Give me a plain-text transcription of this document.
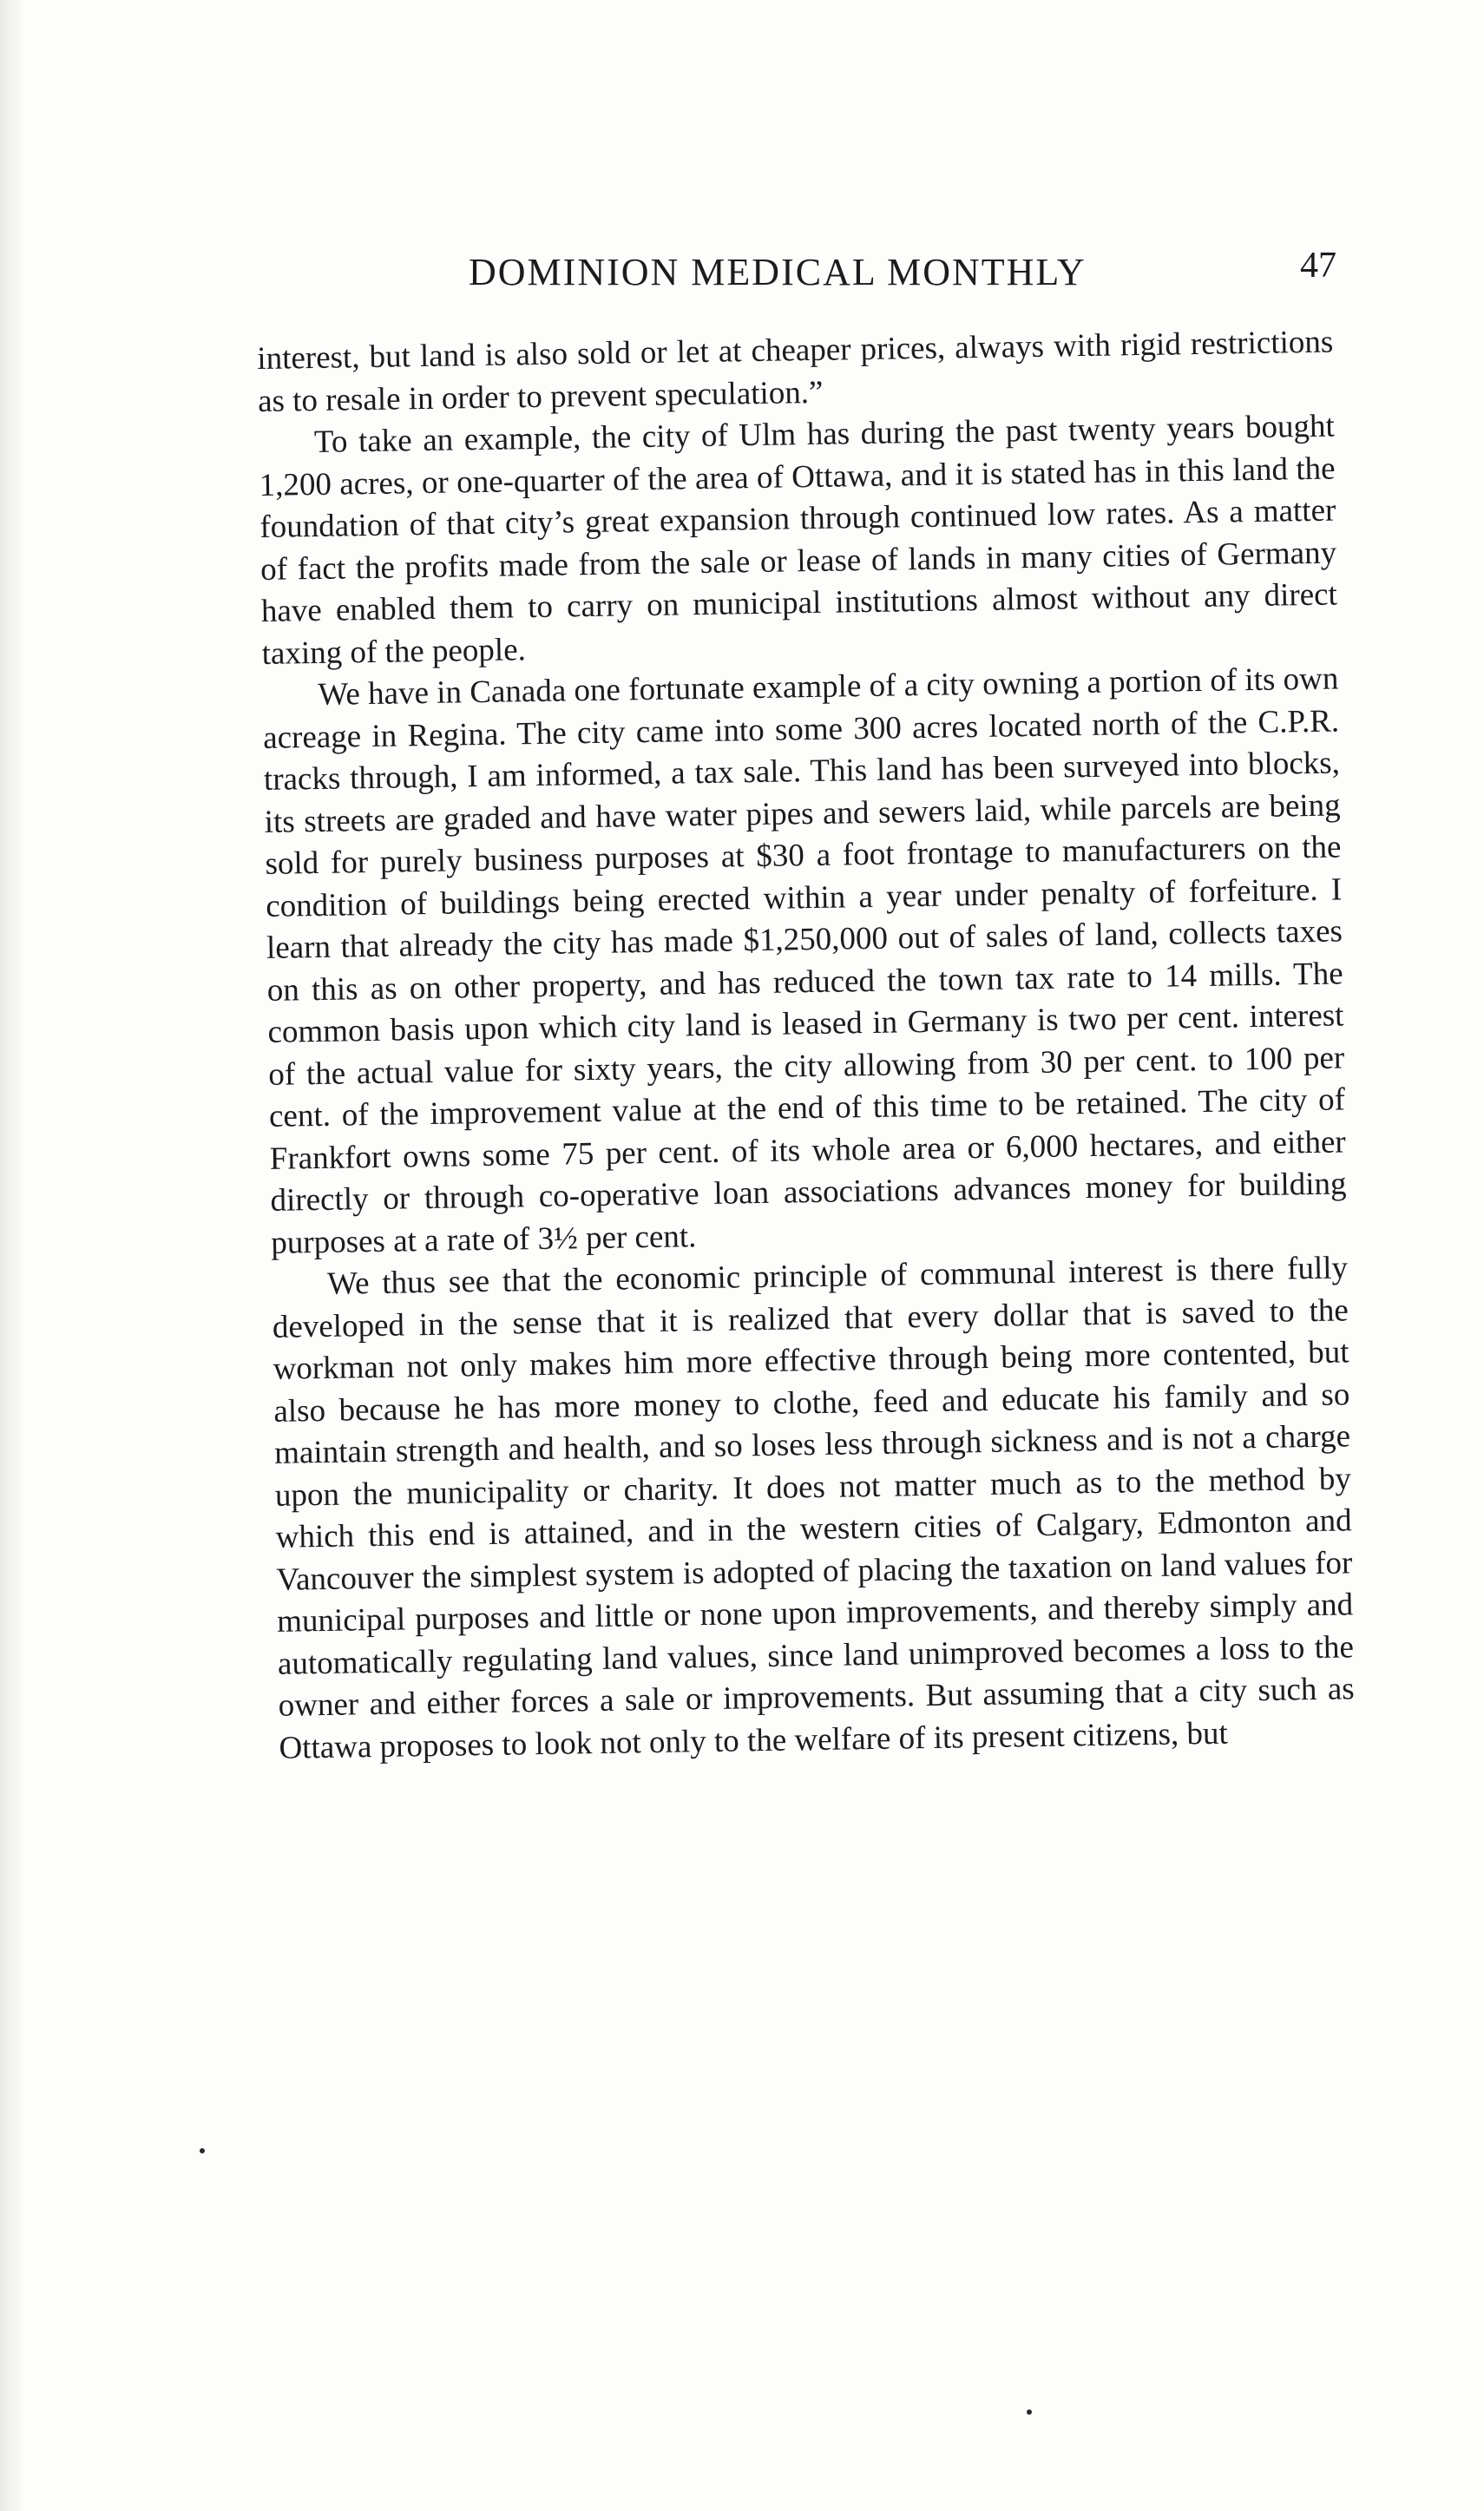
DOMINION MEDICAL MONTHLY	47

interest, but land is also sold or let at cheaper prices, always with rigid restrictions as to resale in order to prevent speculation.”

To take an example, the city of Ulm has during the past twenty years bought 1,200 acres, or one-quarter of the area of Ottawa, and it is stated has in this land the foundation of that city’s great expansion through continued low rates. As a matter of fact the profits made from the sale or lease of lands in many cities of Germany have enabled them to carry on municipal institutions almost without any direct taxing of the people.

We have in Canada one fortunate example of a city owning a portion of its own acreage in Regina. The city came into some 300 acres located north of the C.P.R. tracks through, I am informed, a tax sale. This land has been surveyed into blocks, its streets are graded and have water pipes and sewers laid, while parcels are being sold for purely business purposes at $30 a foot frontage to manufacturers on the condition of buildings being erected within a year under penalty of forfeiture. I learn that already the city has made $1,250,000 out of sales of land, collects taxes on this as on other property, and has reduced the town tax rate to 14 mills. The common basis upon which city land is leased in Germany is two per cent. interest of the actual value for sixty years, the city allowing from 30 per cent. to 100 per cent. of the improvement value at the end of this time to be retained. The city of Frankfort owns some 75 per cent. of its whole area or 6,000 hectares, and either directly or through co-operative loan associations advances money for building purposes at a rate of 3½ per cent.

We thus see that the economic principle of communal interest is there fully developed in the sense that it is realized that every dollar that is saved to the workman not only makes him more effective through being more contented, but also because he has more money to clothe, feed and educate his family and so maintain strength and health, and so loses less through sickness and is not a charge upon the municipality or charity. It does not matter much as to the method by which this end is attained, and in the western cities of Calgary, Edmonton and Vancouver the simplest system is adopted of placing the taxation on land values for municipal purposes and little or none upon improvements, and thereby simply and automatically regulating land values, since land unimproved becomes a loss to the owner and either forces a sale or improvements. But assuming that a city such as Ottawa proposes to look not only to the welfare of its present citizens, but
